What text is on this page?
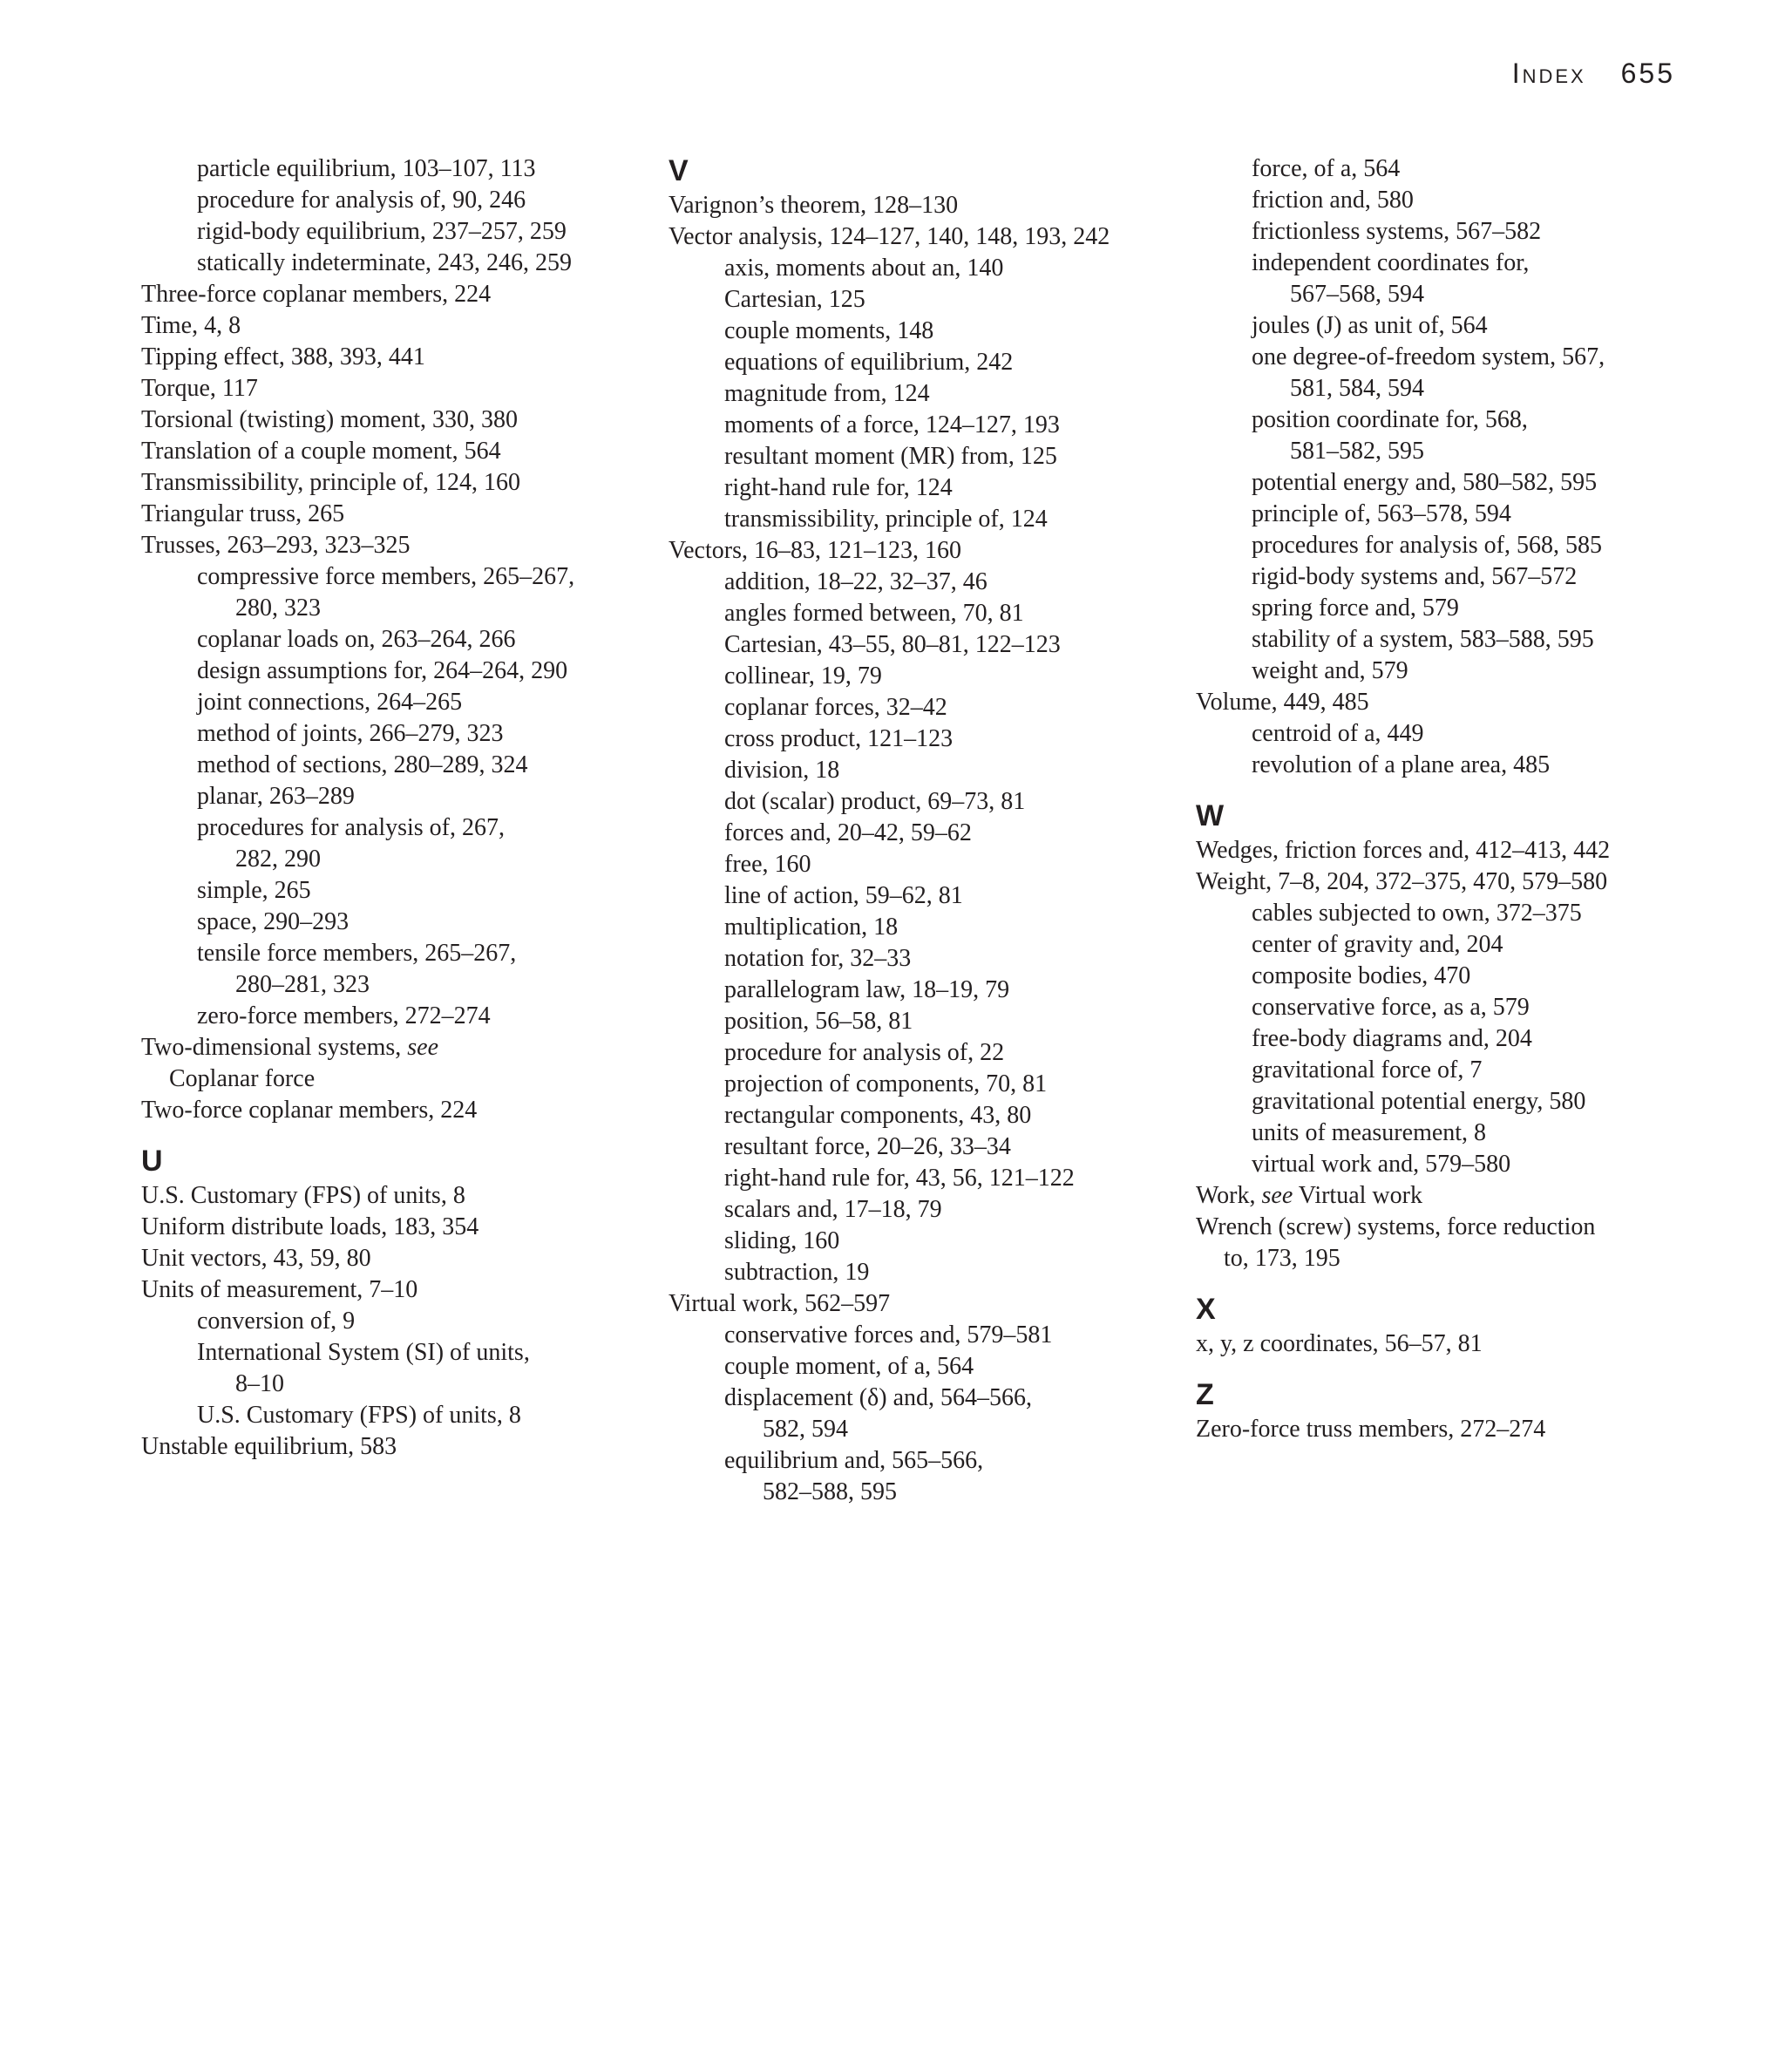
Index 655
particle equilibrium, 103–107, 113
procedure for analysis of, 90, 246
rigid-body equilibrium, 237–257, 259
statically indeterminate, 243, 246, 259
Three-force coplanar members, 224
Time, 4, 8
Tipping effect, 388, 393, 441
Torque, 117
Torsional (twisting) moment, 330, 380
Translation of a couple moment, 564
Transmissibility, principle of, 124, 160
Triangular truss, 265
Trusses, 263–293, 323–325
compressive force members, 265–267,
280, 323
coplanar loads on, 263–264, 266
design assumptions for, 264–264, 290
joint connections, 264–265
method of joints, 266–279, 323
method of sections, 280–289, 324
planar, 263–289
procedures for analysis of, 267,
282, 290
simple, 265
space, 290–293
tensile force members, 265–267,
280–281, 323
zero-force members, 272–274
Two-dimensional systems, see
Coplanar force
Two-force coplanar members, 224
U
U.S. Customary (FPS) of units, 8
Uniform distribute loads, 183, 354
Unit vectors, 43, 59, 80
Units of measurement, 7–10
conversion of, 9
International System (SI) of units,
8–10
U.S. Customary (FPS) of units, 8
Unstable equilibrium, 583
V
Varignon’s theorem, 128–130
Vector analysis, 124–127, 140, 148, 193, 242
axis, moments about an, 140
Cartesian, 125
couple moments, 148
equations of equilibrium, 242
magnitude from, 124
moments of a force, 124–127, 193
resultant moment (MR) from, 125
right-hand rule for, 124
transmissibility, principle of, 124
Vectors, 16–83, 121–123, 160
addition, 18–22, 32–37, 46
angles formed between, 70, 81
Cartesian, 43–55, 80–81, 122–123
collinear, 19, 79
coplanar forces, 32–42
cross product, 121–123
division, 18
dot (scalar) product, 69–73, 81
forces and, 20–42, 59–62
free, 160
line of action, 59–62, 81
multiplication, 18
notation for, 32–33
parallelogram law, 18–19, 79
position, 56–58, 81
procedure for analysis of, 22
projection of components, 70, 81
rectangular components, 43, 80
resultant force, 20–26, 33–34
right-hand rule for, 43, 56, 121–122
scalars and, 17–18, 79
sliding, 160
subtraction, 19
Virtual work, 562–597
conservative forces and, 579–581
couple moment, of a, 564
displacement (δ) and, 564–566,
582, 594
equilibrium and, 565–566,
582–588, 595
force, of a, 564
friction and, 580
frictionless systems, 567–582
independent coordinates for,
567–568, 594
joules (J) as unit of, 564
one degree-of-freedom system, 567,
581, 584, 594
position coordinate for, 568,
581–582, 595
potential energy and, 580–582, 595
principle of, 563–578, 594
procedures for analysis of, 568, 585
rigid-body systems and, 567–572
spring force and, 579
stability of a system, 583–588, 595
weight and, 579
Volume, 449, 485
centroid of a, 449
revolution of a plane area, 485
W
Wedges, friction forces and, 412–413, 442
Weight, 7–8, 204, 372–375, 470, 579–580
cables subjected to own, 372–375
center of gravity and, 204
composite bodies, 470
conservative force, as a, 579
free-body diagrams and, 204
gravitational force of, 7
gravitational potential energy, 580
units of measurement, 8
virtual work and, 579–580
Work, see Virtual work
Wrench (screw) systems, force reduction
to, 173, 195
X
x, y, z coordinates, 56–57, 81
Z
Zero-force truss members, 272–274
